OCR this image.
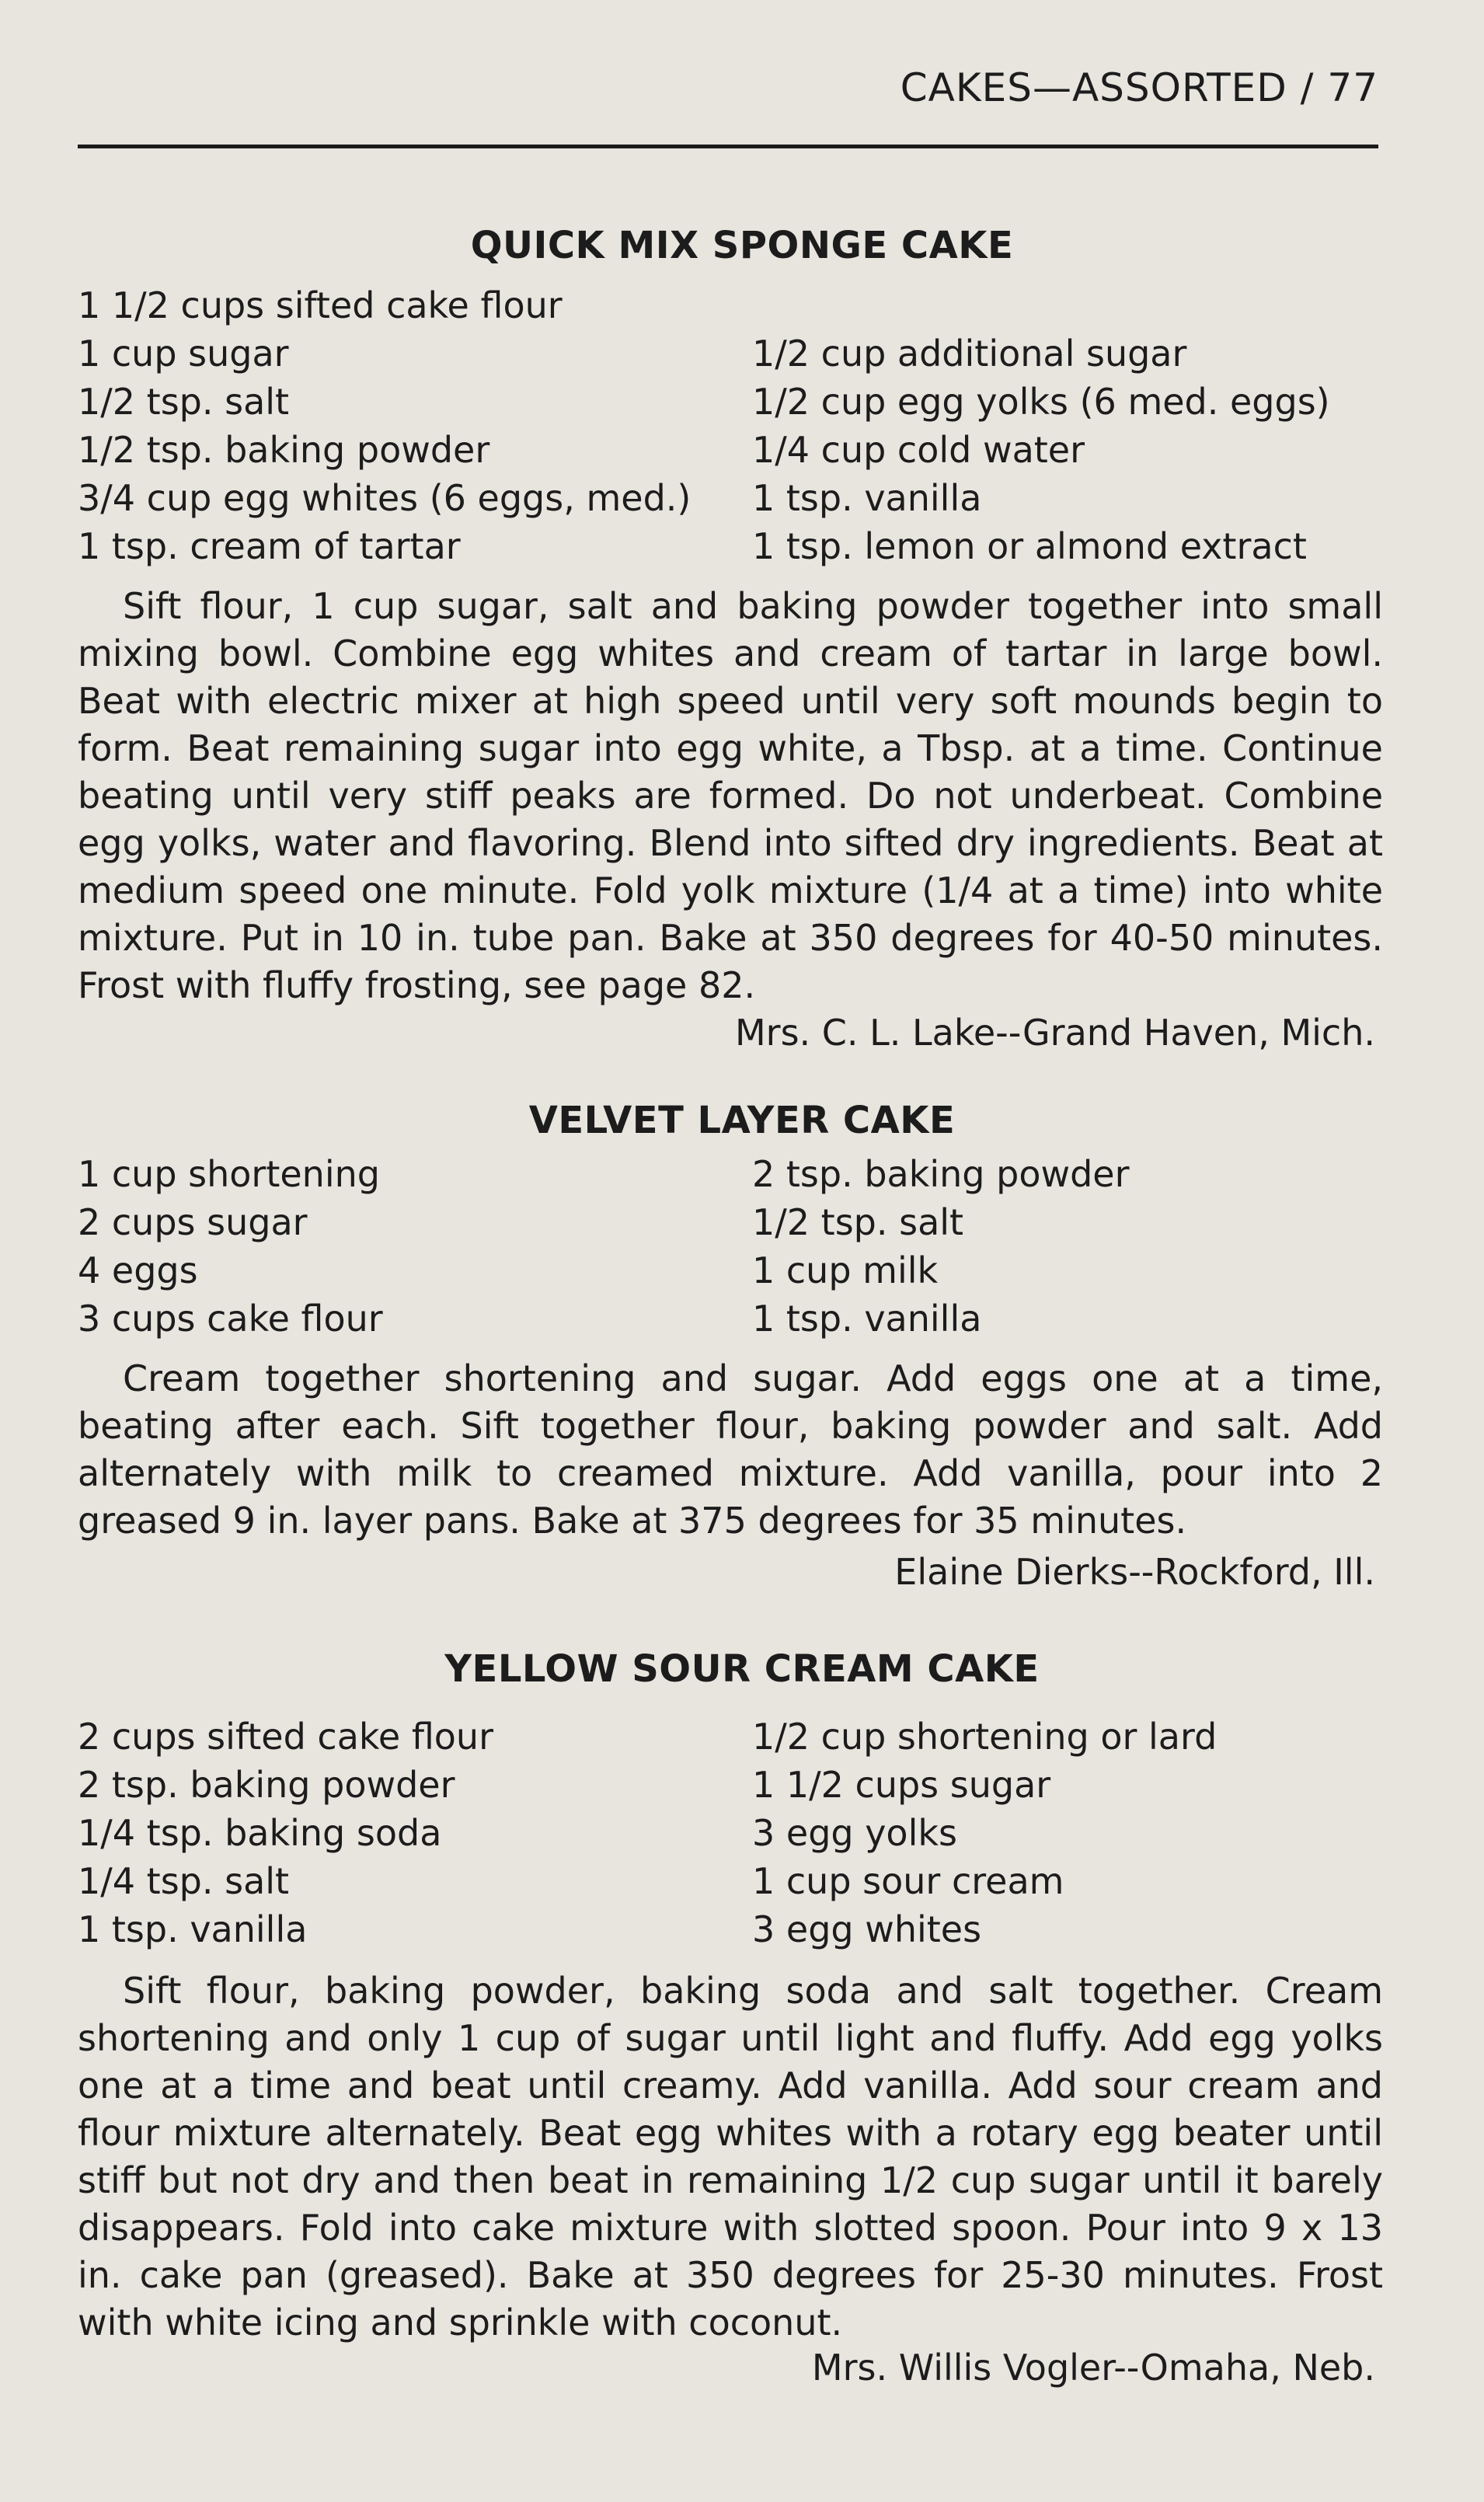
CAKES—ASSORTED / 77
QUICK MIX SPONGE CAKE
1 1/2 cups sifted cake flour
1 cup sugar
1/2 tsp. salt
1/2 tsp. baking powder
3/4 cup egg whites (6 eggs, med.)
1 tsp. cream of tartar
1/2 cup additional sugar
1/2 cup egg yolks (6 med. eggs)
1/4 cup cold water
1 tsp. vanilla
1 tsp. lemon or almond extract
Sift flour, 1 cup sugar, salt and baking powder together into small mixing bowl. Combine egg whites and cream of tartar in large bowl. Beat with electric mixer at high speed until very soft mounds begin to form. Beat remaining sugar into egg white, a Tbsp. at a time. Continue beating until very stiff peaks are formed. Do not underbeat. Combine egg yolks, water and flavoring. Blend into sifted dry ingredients. Beat at medium speed one minute. Fold yolk mixture (1/4 at a time) into white mixture. Put in 10 in. tube pan. Bake at 350 degrees for 40-50 minutes. Frost with fluffy frosting, see page 82.
Mrs. C. L. Lake--Grand Haven, Mich.
VELVET LAYER CAKE
1 cup shortening
2 cups sugar
4 eggs
3 cups cake flour
2 tsp. baking powder
1/2 tsp. salt
1 cup milk
1 tsp. vanilla
Cream together shortening and sugar. Add eggs one at a time, beating after each. Sift together flour, baking powder and salt. Add alternately with milk to creamed mixture. Add vanilla, pour into 2 greased 9 in. layer pans. Bake at 375 degrees for 35 minutes.
Elaine Dierks--Rockford, Ill.
YELLOW SOUR CREAM CAKE
2 cups sifted cake flour
2 tsp. baking powder
1/4 tsp. baking soda
1/4 tsp. salt
1 tsp. vanilla
1/2 cup shortening or lard
1 1/2 cups sugar
3 egg yolks
1 cup sour cream
3 egg whites
Sift flour, baking powder, baking soda and salt together. Cream shortening and only 1 cup of sugar until light and fluffy. Add egg yolks one at a time and beat until creamy. Add vanilla. Add sour cream and flour mixture alternately. Beat egg whites with a rotary egg beater until stiff but not dry and then beat in remaining 1/2 cup sugar until it barely disappears. Fold into cake mixture with slotted spoon. Pour into 9 x 13 in. cake pan (greased). Bake at 350 degrees for 25-30 minutes. Frost with white icing and sprinkle with coconut.
Mrs. Willis Vogler--Omaha, Neb.
